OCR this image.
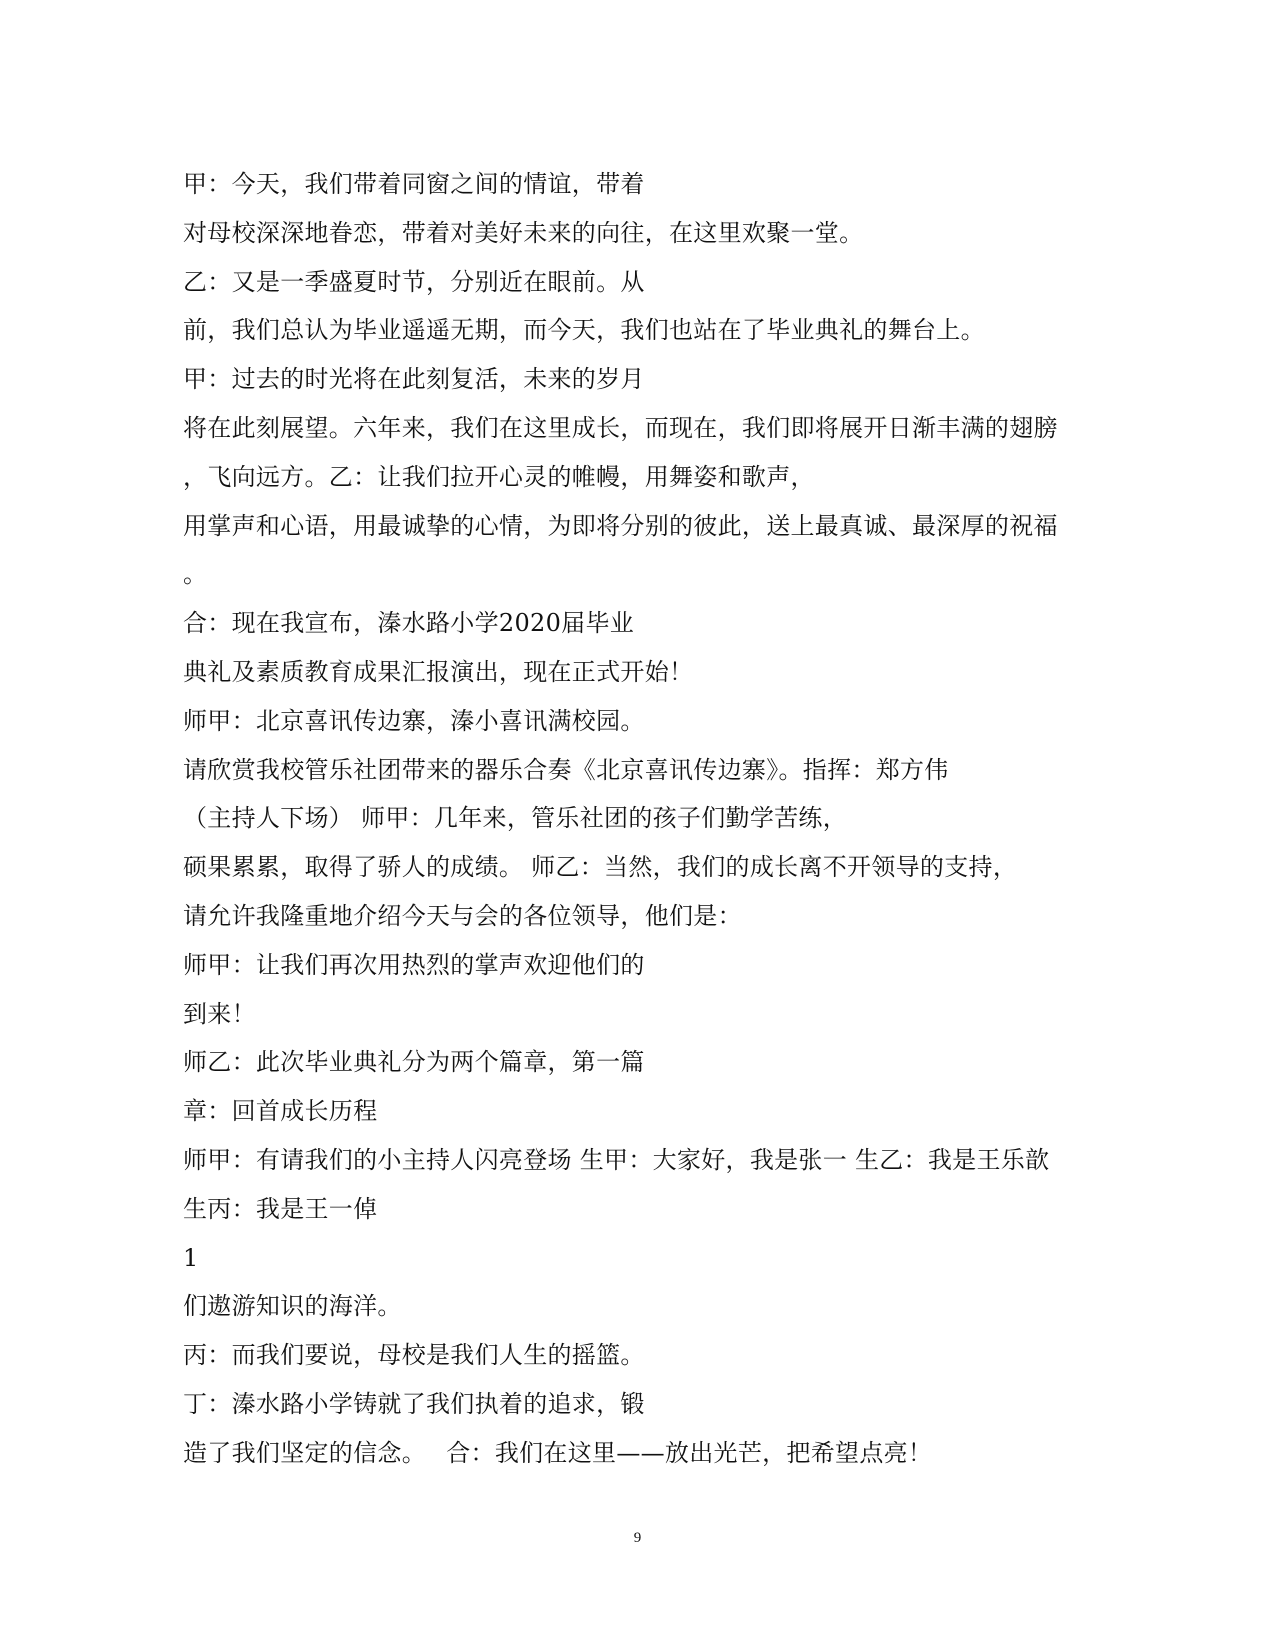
甲：今天，我们带着同窗之间的情谊，带着
对母校深深地眷恋，带着对美好未来的向往，在这里欢聚一堂。
乙：又是一季盛夏时节，分别近在眼前。从
前，我们总认为毕业遥遥无期，而今天，我们也站在了毕业典礼的舞台上。
甲：过去的时光将在此刻复活，未来的岁月
将在此刻展望。六年来，我们在这里成长，而现在，我们即将展开日渐丰满的翅膀
，飞向远方。乙：让我们拉开心灵的帷幔，用舞姿和歌声，
用掌声和心语，用最诚挚的心情，为即将分别的彼此，送上最真诚、最深厚的祝福
。
合：现在我宣布，溱水路小学2020届毕业
典礼及素质教育成果汇报演出，现在正式开始！
师甲：北京喜讯传边寨，溱小喜讯满校园。
请欣赏我校管乐社团带来的器乐合奏《北京喜讯传边寨》。指挥：郑方伟
（主持人下场） 师甲：几年来，管乐社团的孩子们勤学苦练，
硕果累累，取得了骄人的成绩。 师乙：当然，我们的成长离不开领导的支持，
请允许我隆重地介绍今天与会的各位领导，他们是：
师甲：让我们再次用热烈的掌声欢迎他们的
到来！
师乙：此次毕业典礼分为两个篇章，第一篇
章：回首成长历程
师甲：有请我们的小主持人闪亮登场 生甲：大家好，我是张一 生乙：我是王乐歆
生丙：我是王一倬
1
们遨游知识的海洋。
丙：而我们要说，母校是我们人生的摇篮。
丁：溱水路小学铸就了我们执着的追求，锻
造了我们坚定的信念。　 合：我们在这里——放出光芒，把希望点亮！
9
